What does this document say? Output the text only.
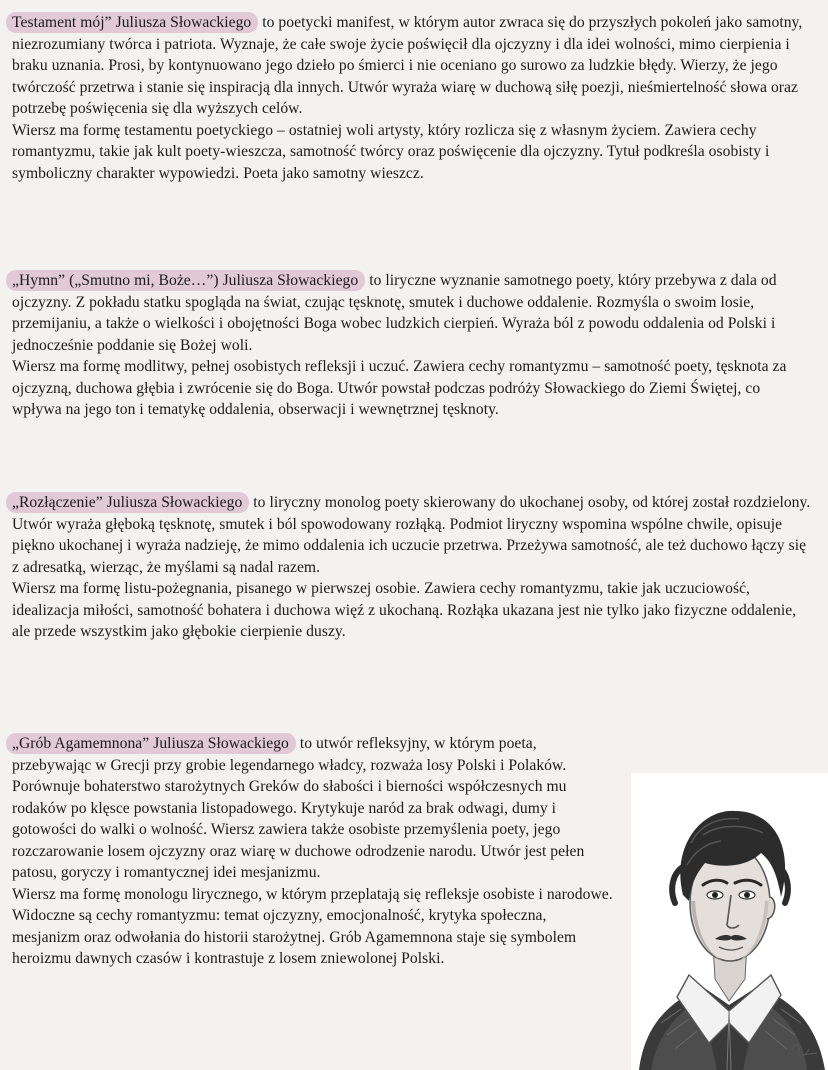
Testament mój” Juliusza Słowackiego to poetycki manifest, w którym autor zwraca się do przyszłych pokoleń jako samotny, niezrozumiany twórca i patriota. Wyznaje, że całe swoje życie poświęcił dla ojczyzny i dla idei wolności, mimo cierpienia i braku uznania. Prosi, by kontynuowano jego dzieło po śmierci i nie oceniano go surowo za ludzkie błędy. Wierzy, że jego twórczość przetrwa i stanie się inspiracją dla innych. Utwór wyraża wiarę w duchową siłę poezji, nieśmiertelność słowa oraz potrzebę poświęcenia się dla wyższych celów.

Wiersz ma formę testamentu poetyckiego – ostatniej woli artysty, który rozlicza się z własnym życiem. Zawiera cechy romantyzmu, takie jak kult poety-wieszcza, samotność twórcy oraz poświęcenie dla ojczyzny. Tytuł podkreśla osobisty i symboliczny charakter wypowiedzi. Poeta jako samotny wieszcz.

„Hymn” („Smutno mi, Boże…”) Juliusza Słowackiego to liryczne wyznanie samotnego poety, który przebywa z dala od ojczyzny. Z pokładu statku spogląda na świat, czując tęsknotę, smutek i duchowe oddalenie. Rozmyśla o swoim losie, przemijaniu, a także o wielkości i obojętności Boga wobec ludzkich cierpień. Wyraża ból z powodu oddalenia od Polski i jednocześnie poddanie się Bożej woli.

Wiersz ma formę modlitwy, pełnej osobistych refleksji i uczuć. Zawiera cechy romantyzmu – samotność poety, tęsknota za ojczyzną, duchowa głębia i zwrócenie się do Boga. Utwór powstał podczas podróży Słowackiego do Ziemi Świętej, co wpływa na jego ton i tematykę oddalenia, obserwacji i wewnętrznej tęsknoty.

„Rozłączenie” Juliusza Słowackiego to liryczny monolog poety skierowany do ukochanej osoby, od której został rozdzielony. Utwór wyraża głęboką tęsknotę, smutek i ból spowodowany rozłąką. Podmiot liryczny wspomina wspólne chwile, opisuje piękno ukochanej i wyraża nadzieję, że mimo oddalenia ich uczucie przetrwa. Przeżywa samotność, ale też duchowo łączy się z adresatką, wierząc, że myślami są nadal razem.

Wiersz ma formę listu-pożegnania, pisanego w pierwszej osobie. Zawiera cechy romantyzmu, takie jak uczuciowość, idealizacja miłości, samotność bohatera i duchowa więź z ukochaną. Rozłąka ukazana jest nie tylko jako fizyczne oddalenie, ale przede wszystkim jako głębokie cierpienie duszy.

„Grób Agamemnona” Juliusza Słowackiego to utwór refleksyjny, w którym poeta, przebywając w Grecji przy grobie legendarnego władcy, rozważa losy Polski i Polaków. Porównuje bohaterstwo starożytnych Greków do słabości i bierności współczesnych mu rodaków po klęsce powstania listopadowego. Krytykuje naród za brak odwagi, dumy i gotowości do walki o wolność. Wiersz zawiera także osobiste przemyślenia poety, jego rozczarowanie losem ojczyzny oraz wiarę w duchowe odrodzenie narodu. Utwór jest pełen patosu, goryczy i romantycznej idei mesjanizmu.

Wiersz ma formę monologu lirycznego, w którym przeplatają się refleksje osobiste i narodowe. Widoczne są cechy romantyzmu: temat ojczyzny, emocjonalność, krytyka społeczna, mesjanizm oraz odwołania do historii starożytnej. Grób Agamemnona staje się symbolem heroizmu dawnych czasów i kontrastuje z losem zniewolonej Polski.
